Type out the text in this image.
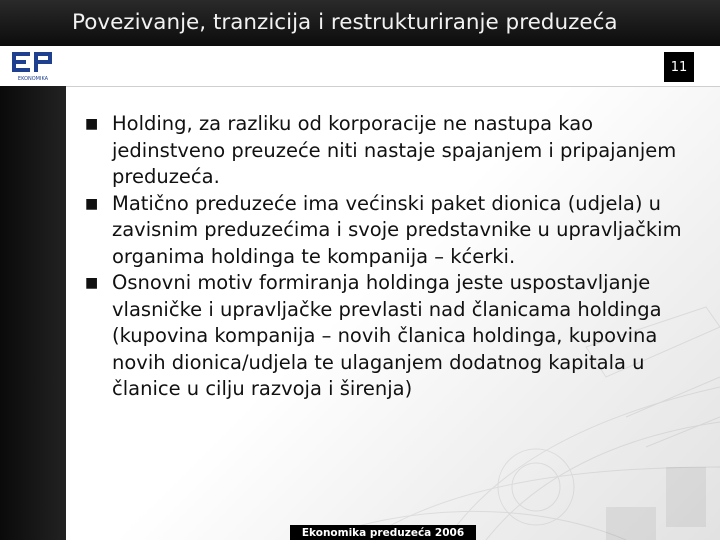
Povezivanje, tranzicija i restrukturiranje preduzeća
EKONOMIKA
11
■ Holding, za razliku od korporacije ne nastupa kao jedinstveno preuzeće niti nastaje spajanjem i pripajanjem preduzeća.
■ Matično preduzeće ima većinski paket dionica (udjela) u zavisnim preduzećima i svoje predstavnike u upravljačkim organima holdinga te kompanija – kćerki.
■ Osnovni motiv formiranja holdinga jeste uspostavljanje vlasničke i upravljačke prevlasti nad članicama holdinga (kupovina kompanija – novih članica holdinga, kupovina novih dionica/udjela te ulaganjem dodatnog kapitala u članice u cilju razvoja i širenja)
Ekonomika preduzeća 2006
